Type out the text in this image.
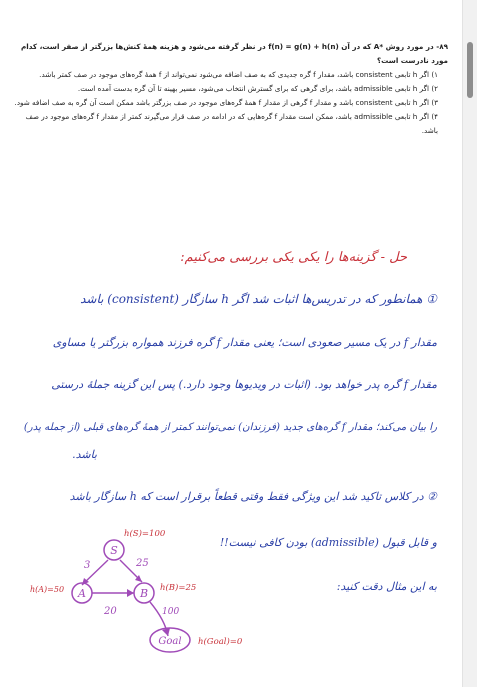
۸۹- در مورد روش *A که در آن f(n) = g(n) + h(n) در نظر گرفته می‌شود و هزینه همهٔ کنش‌ها بزرگتر از صفر است، کدام مورد نادرست است؟
۱) اگر h تابعی consistent باشد، مقدار f گره جدیدی که به صف اضافه می‌شود نمی‌تواند از f همهٔ گره‌های موجود در صف کمتر باشد.
۲) اگر h تابعی admissible باشد، برای گرهی که برای گسترش انتخاب می‌شود، مسیر بهینه تا آن گره بدست آمده است.
۳) اگر h تابعی consistent باشد و مقدار f گرهی از مقدار f همهٔ گره‌های موجود در صف بزرگتر باشد ممکن است آن گره به صف اضافه شود.
۴) اگر h تابعی admissible باشد، ممکن است مقدار f گره‌هایی که در ادامه در صف قرار می‌گیرند کمتر از مقدار f گره‌های موجود در صف باشد.
حل - گزینه‌ها را یکی یکی بررسی می‌کنیم:
① همانطور که در تدریس‌ها اثبات شد اگر h سازگار (consistent) باشد
مقدار f در یک مسیر صعودی است؛ یعنی مقدار f گره فرزند همواره بزرگتر یا مساوی
مقدار f گره پدر خواهد بود. (اثبات در ویدیوها وجود دارد.) پس این گزینه جملهٔ درستی
را بیان می‌کند؛ مقدار f گره‌های جدید (فرزندان) نمی‌توانند کمتر از همهٔ گره‌های قبلی (از جمله پدر)
باشد.
② در کلاس تاکید شد این ویژگی فقط وقتی قطعاً برقرار است که h سازگار باشد
و قابل قبول (admissible) بودن کافی نیست!!
به این مثال دقت کنید:
S
A	B
Goal
3	25
20	100
h(S)=100
h(A)=50	h(B)=25
h(Goal)=0
